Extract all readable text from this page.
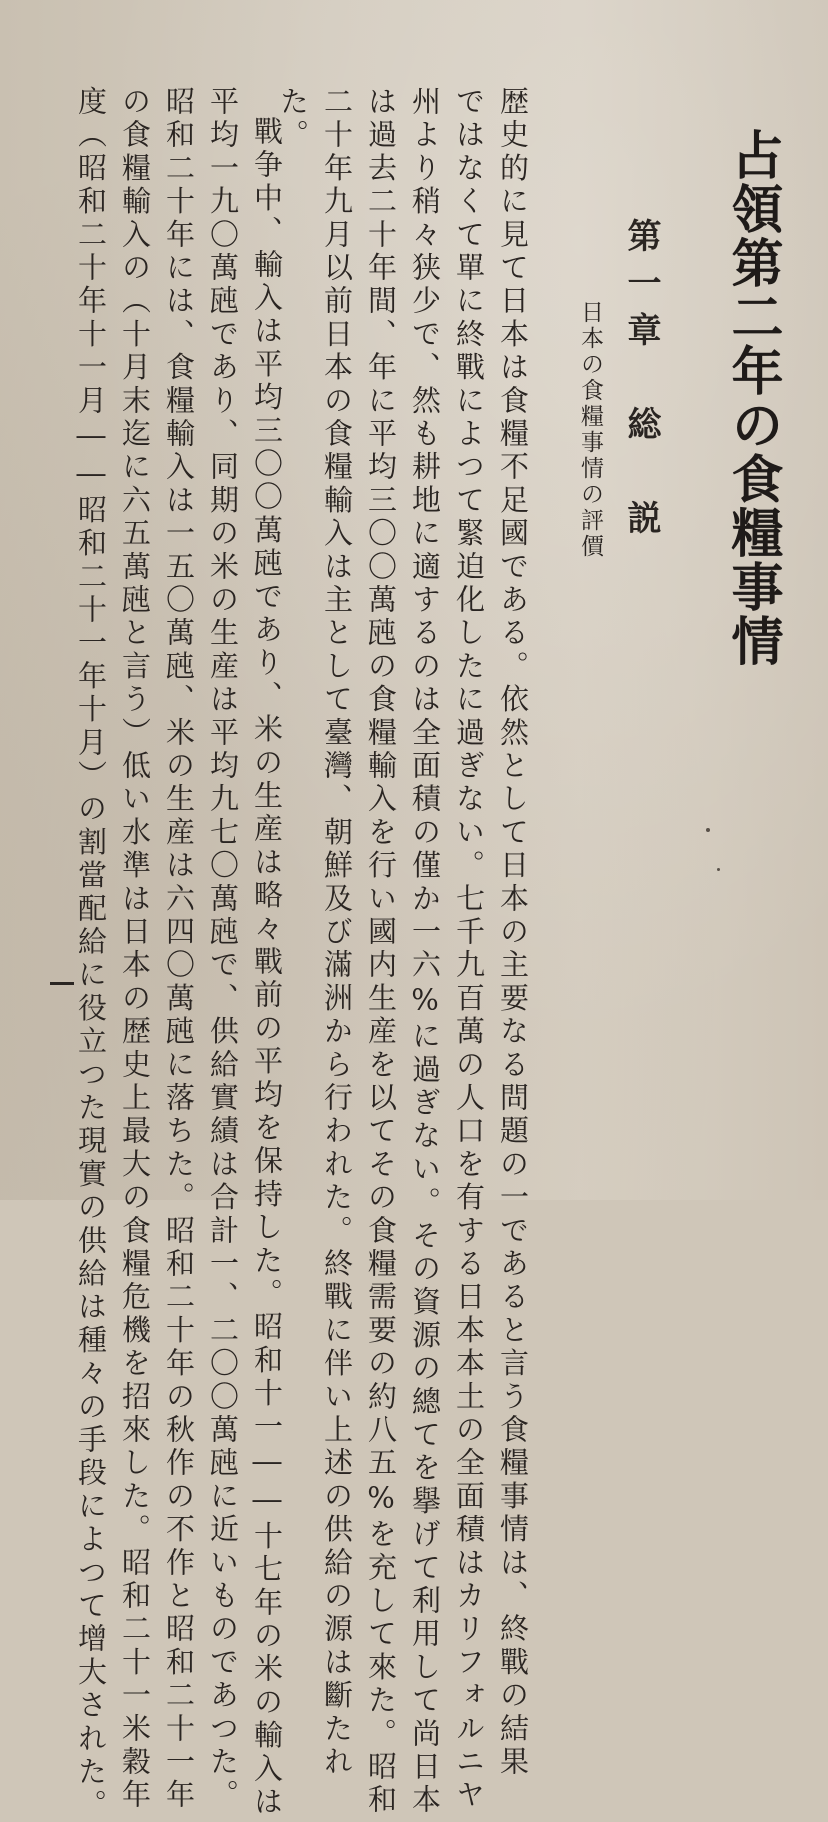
占領第二年の食糧事情
第一章　総　説
日本の食糧事情の評價
歴史的に見て日本は食糧不足國である。依然として日本の主要なる問題の一であると言う食糧事情は、終戰の結果
ではなくて單に終戰によつて緊迫化したに過ぎない。七千九百萬の人口を有する日本本土の全面積はカリフォルニヤ
州より稍々狭少で、然も耕地に適するのは全面積の僅か一六%に過ぎない。その資源の總てを擧げて利用して尚日本
は過去二十年間、年に平均三〇〇萬瓲の食糧輸入を行い國内生産を以てその食糧需要の約八五%を充して來た。昭和
二十年九月以前日本の食糧輸入は主として臺灣、朝鮮及び滿洲から行われた。終戰に伴い上述の供給の源は斷たれ
た。
戰争中、輸入は平均三〇〇萬瓲であり、米の生産は略々戰前の平均を保持した。昭和十一――十七年の米の輸入は
平均一九〇萬瓲であり、同期の米の生産は平均九七〇萬瓲で、供給實績は合計一、二〇〇萬瓲に近いものであつた。
昭和二十年には、食糧輸入は一五〇萬瓲、米の生産は六四〇萬瓲に落ちた。昭和二十年の秋作の不作と昭和二十一年
の食糧輸入の（十月末迄に六五萬瓲と言う）低い水準は日本の歴史上最大の食糧危機を招來した。昭和二十一米穀年
度（昭和二十年十一月――昭和二十一年十月）の割當配給に役立つた現實の供給は種々の手段によつて增大された。
